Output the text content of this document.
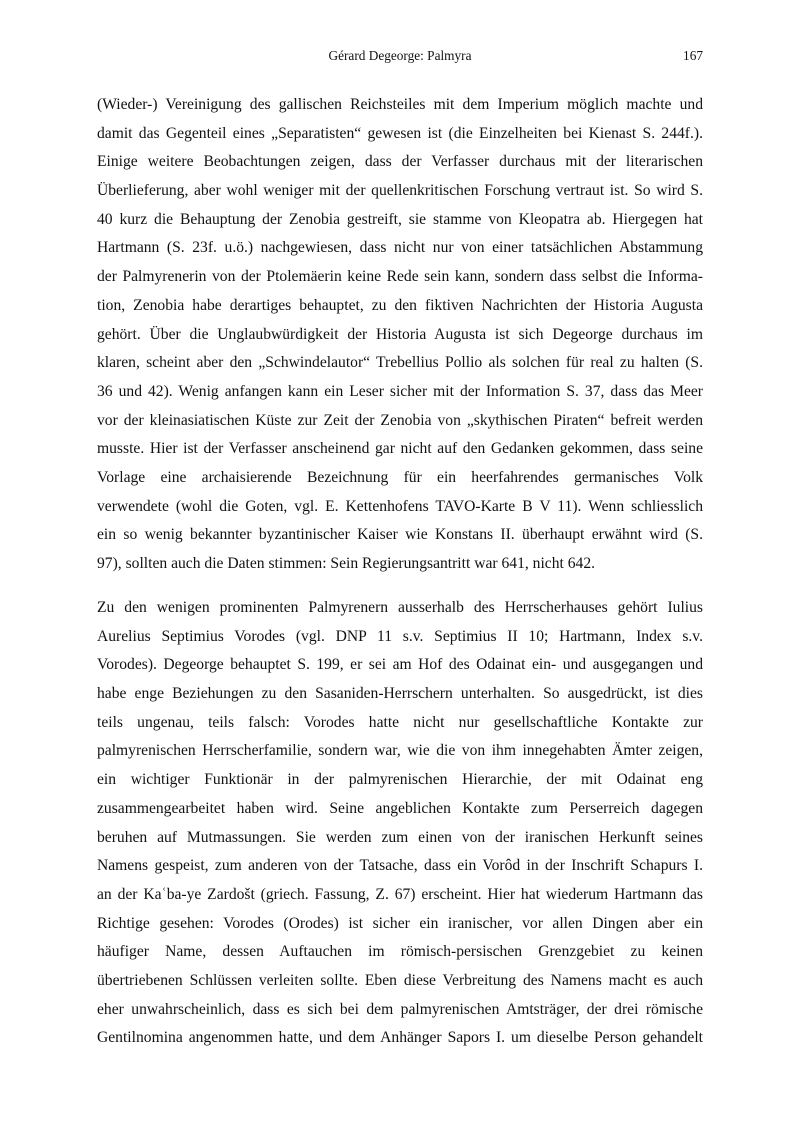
Gérard Degeorge: Palmyra	167
(Wieder-) Vereinigung des gallischen Reichsteiles mit dem Imperium möglich machte und
damit das Gegenteil eines „Separatisten“ gewesen ist (die Einzelheiten bei Kienast S. 244f.).
Einige weitere Beobachtungen zeigen, dass der Verfasser durchaus mit der literarischen
Überlieferung, aber wohl weniger mit der quellenkritischen Forschung vertraut ist. So wird S.
40 kurz die Behauptung der Zenobia gestreift, sie stamme von Kleopatra ab. Hiergegen hat
Hartmann (S. 23f. u.ö.) nachgewiesen, dass nicht nur von einer tatsächlichen Abstammung
der Palmyrenerin von der Ptolemäerin keine Rede sein kann, sondern dass selbst die Informa-
tion, Zenobia habe derartiges behauptet, zu den fiktiven Nachrichten der Historia Augusta
gehört. Über die Unglaubwürdigkeit der Historia Augusta ist sich Degeorge durchaus im
klaren, scheint aber den „Schwindelautor“ Trebellius Pollio als solchen für real zu halten (S.
36 und 42). Wenig anfangen kann ein Leser sicher mit der Information S. 37, dass das Meer
vor der kleinasiatischen Küste zur Zeit der Zenobia von „skythischen Piraten“ befreit werden
musste. Hier ist der Verfasser anscheinend gar nicht auf den Gedanken gekommen, dass seine
Vorlage eine archaisierende Bezeichnung für ein heerfahrendes germanisches Volk
verwendete (wohl die Goten, vgl. E. Kettenhofens TAVO-Karte B V 11). Wenn schliesslich
ein so wenig bekannter byzantinischer Kaiser wie Konstans II. überhaupt erwähnt wird (S.
97), sollten auch die Daten stimmen: Sein Regierungsantritt war 641, nicht 642.
Zu den wenigen prominenten Palmyrenern ausserhalb des Herrscherhauses gehört Iulius
Aurelius Septimius Vorodes (vgl. DNP 11 s.v. Septimius II 10; Hartmann, Index s.v.
Vorodes). Degeorge behauptet S. 199, er sei am Hof des Odainat ein- und ausgegangen und
habe enge Beziehungen zu den Sasaniden-Herrschern unterhalten. So ausgedrückt, ist dies
teils ungenau, teils falsch: Vorodes hatte nicht nur gesellschaftliche Kontakte zur
palmyrenischen Herrscherfamilie, sondern war, wie die von ihm innegehabten Ämter zeigen,
ein wichtiger Funktionär in der palmyrenischen Hierarchie, der mit Odainat eng
zusammengearbeitet haben wird. Seine angeblichen Kontakte zum Perserreich dagegen
beruhen auf Mutmassungen. Sie werden zum einen von der iranischen Herkunft seines
Namens gespeist, zum anderen von der Tatsache, dass ein Vorôd in der Inschrift Schapurs I.
an der Kaʿba-ye Zardošt (griech. Fassung, Z. 67) erscheint. Hier hat wiederum Hartmann das
Richtige gesehen: Vorodes (Orodes) ist sicher ein iranischer, vor allen Dingen aber ein
häufiger Name, dessen Auftauchen im römisch-persischen Grenzgebiet zu keinen
übertriebenen Schlüssen verleiten sollte. Eben diese Verbreitung des Namens macht es auch
eher unwahrscheinlich, dass es sich bei dem palmyrenischen Amtsträger, der drei römische
Gentilnomina angenommen hatte, und dem Anhänger Sapors I. um dieselbe Person gehandelt
